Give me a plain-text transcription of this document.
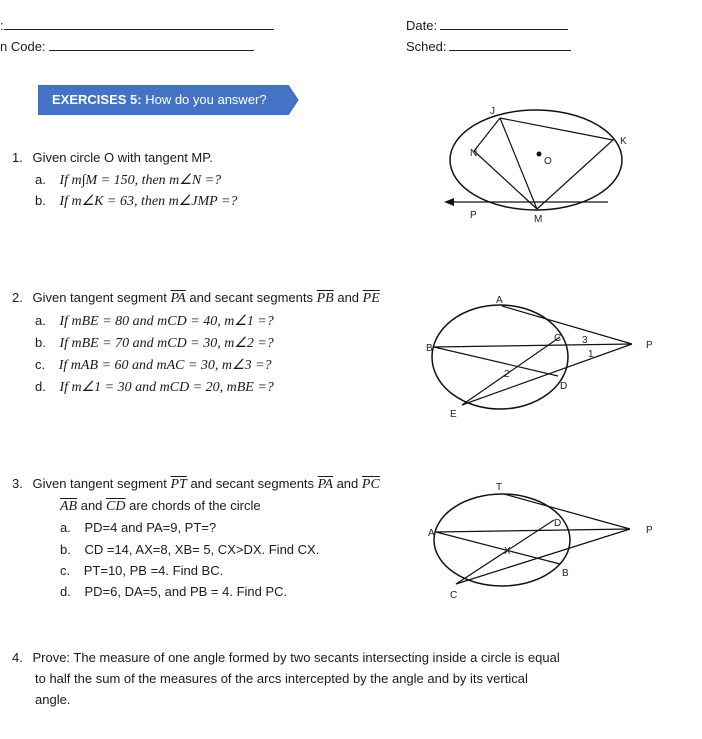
:
n Code:
Date:
Sched:
EXERCISES 5: How do you answer?
1. Given circle O with tangent MP.
a. If m∫M = 150, then m∠N =?
b. If m∠K = 63, then m∠JMP =?
J
K
N
O
P	M
2. Given tangent segment $\overline{PA}$ and secant segments $\overline{PB}$ and $\overline{PE}$
a. If mBE = 80 and mCD = 40, m∠1 =?
b. If mBE = 70 and mCD = 30, m∠2 =?
c. If mAB = 60 and mAC = 30, m∠3 =?
d. If m∠1 = 30 and mCD = 20, mBE =?
A
B
C
D
E
P
1
2
3
3. Given tangent segment $\overline{PT}$ and secant segments $\overline{PA}$ and $\overline{PC}$
$\overline{AB}$ and $\overline{CD}$ are chords of the circle
a. PD=4 and PA=9, PT=?
b. CD =14, AX=8, XB= 5, CX>DX. Find CX.
c. PT=10, PB =4. Find BC.
d. PD=6, DA=5, and PB = 4. Find PC.
T
A
D
P
X
B
C
4. Prove: The measure of one angle formed by two secants intersecting inside a circle is equal
to half the sum of the measures of the arcs intercepted by the angle and by its vertical
angle.
